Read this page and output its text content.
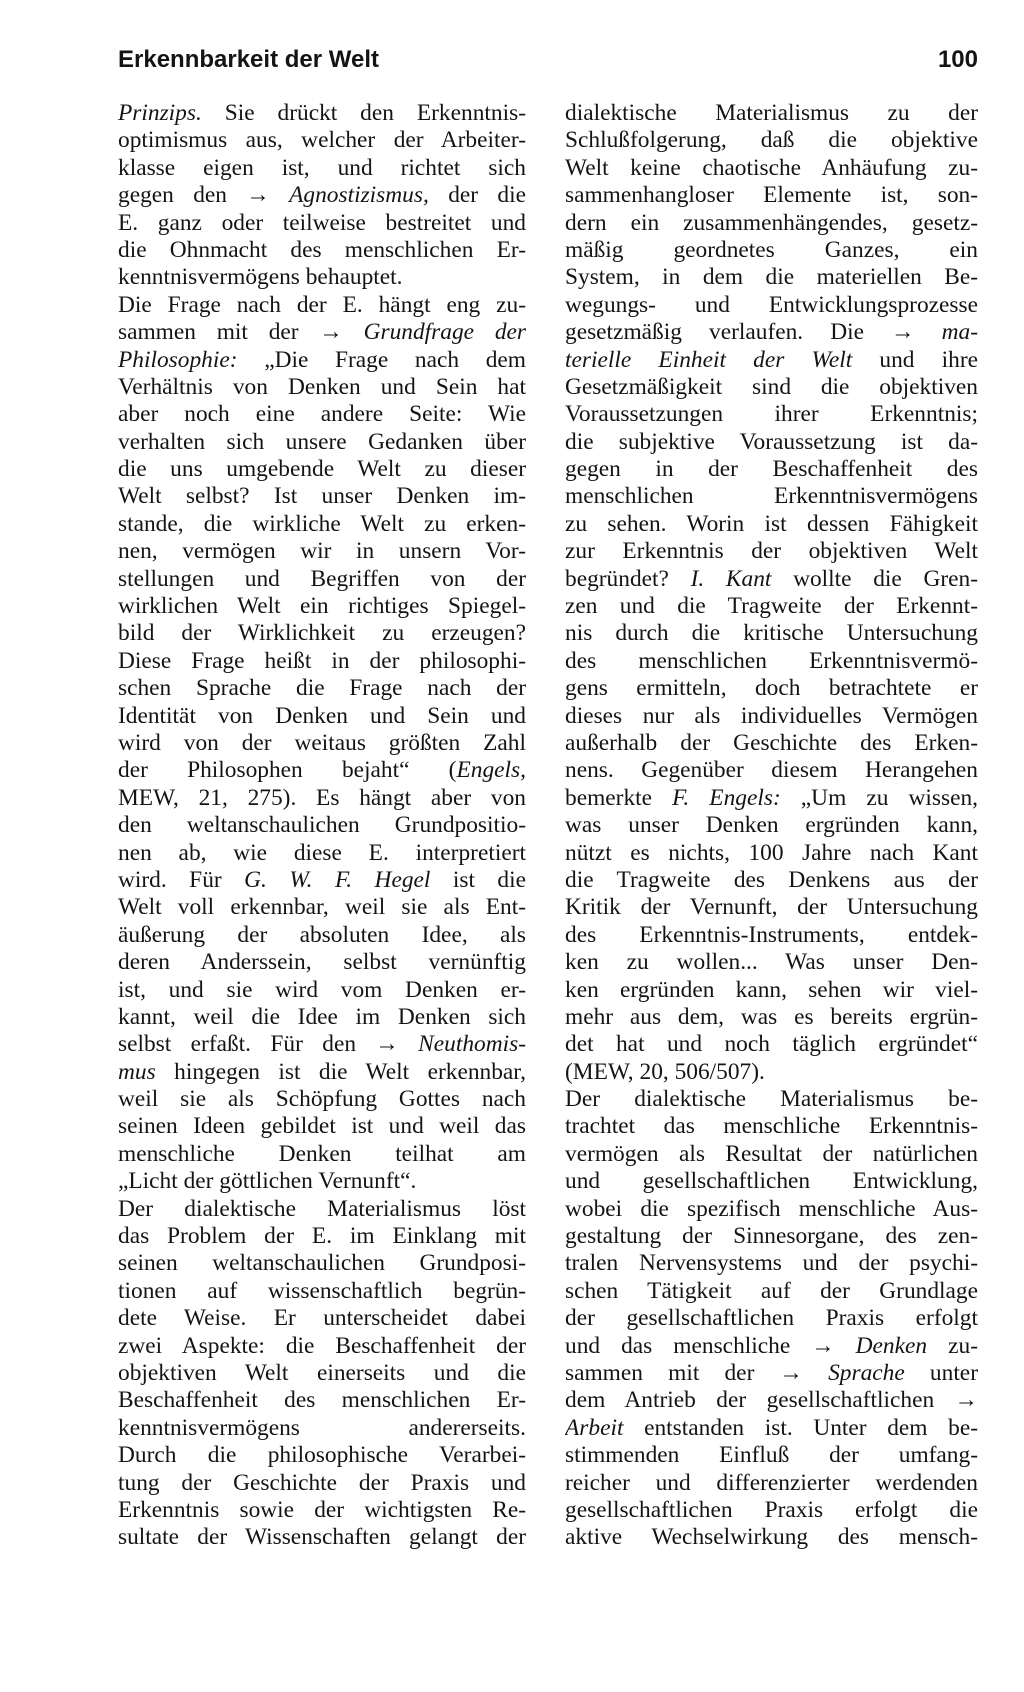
Erkennbarkeit der Welt	100
Prinzips. Sie drückt den Erkenntnis-
optimismus aus, welcher der Arbeiter-
klasse eigen ist, und richtet sich
gegen den → Agnostizismus, der die
E. ganz oder teilweise bestreitet und
die Ohnmacht des menschlichen Er-
kenntnisvermögens behauptet.
Die Frage nach der E. hängt eng zu-
sammen mit der → Grundfrage der
Philosophie: „Die Frage nach dem
Verhältnis von Denken und Sein hat
aber noch eine andere Seite: Wie
verhalten sich unsere Gedanken über
die uns umgebende Welt zu dieser
Welt selbst? Ist unser Denken im-
stande, die wirkliche Welt zu erken-
nen, vermögen wir in unsern Vor-
stellungen und Begriffen von der
wirklichen Welt ein richtiges Spiegel-
bild der Wirklichkeit zu erzeugen?
Diese Frage heißt in der philosophi-
schen Sprache die Frage nach der
Identität von Denken und Sein und
wird von der weitaus größten Zahl
der Philosophen bejaht“ (Engels,
MEW, 21, 275). Es hängt aber von
den weltanschaulichen Grundpositio-
nen ab, wie diese E. interpretiert
wird. Für G. W. F. Hegel ist die
Welt voll erkennbar, weil sie als Ent-
äußerung der absoluten Idee, als
deren Anderssein, selbst vernünftig
ist, und sie wird vom Denken er-
kannt, weil die Idee im Denken sich
selbst erfaßt. Für den → Neuthomis-
mus hingegen ist die Welt erkennbar,
weil sie als Schöpfung Gottes nach
seinen Ideen gebildet ist und weil das
menschliche Denken teilhat am
„Licht der göttlichen Vernunft“.
Der dialektische Materialismus löst
das Problem der E. im Einklang mit
seinen weltanschaulichen Grundposi-
tionen auf wissenschaftlich begrün-
dete Weise. Er unterscheidet dabei
zwei Aspekte: die Beschaffenheit der
objektiven Welt einerseits und die
Beschaffenheit des menschlichen Er-
kenntnisvermögens andererseits.
Durch die philosophische Verarbei-
tung der Geschichte der Praxis und
Erkenntnis sowie der wichtigsten Re-
sultate der Wissenschaften gelangt der
dialektische Materialismus zu der
Schlußfolgerung, daß die objektive
Welt keine chaotische Anhäufung zu-
sammenhangloser Elemente ist, son-
dern ein zusammenhängendes, gesetz-
mäßig geordnetes Ganzes, ein
System, in dem die materiellen Be-
wegungs- und Entwicklungsprozesse
gesetzmäßig verlaufen. Die → ma-
terielle Einheit der Welt und ihre
Gesetzmäßigkeit sind die objektiven
Voraussetzungen ihrer Erkenntnis;
die subjektive Voraussetzung ist da-
gegen in der Beschaffenheit des
menschlichen Erkenntnisvermögens
zu sehen. Worin ist dessen Fähigkeit
zur Erkenntnis der objektiven Welt
begründet? I. Kant wollte die Gren-
zen und die Tragweite der Erkennt-
nis durch die kritische Untersuchung
des menschlichen Erkenntnisvermö-
gens ermitteln, doch betrachtete er
dieses nur als individuelles Vermögen
außerhalb der Geschichte des Erken-
nens. Gegenüber diesem Herangehen
bemerkte F. Engels: „Um zu wissen,
was unser Denken ergründen kann,
nützt es nichts, 100 Jahre nach Kant
die Tragweite des Denkens aus der
Kritik der Vernunft, der Untersuchung
des Erkenntnis-Instruments, entdek-
ken zu wollen... Was unser Den-
ken ergründen kann, sehen wir viel-
mehr aus dem, was es bereits ergrün-
det hat und noch täglich ergründet“
(MEW, 20, 506/507).
Der dialektische Materialismus be-
trachtet das menschliche Erkenntnis-
vermögen als Resultat der natürlichen
und gesellschaftlichen Entwicklung,
wobei die spezifisch menschliche Aus-
gestaltung der Sinnesorgane, des zen-
tralen Nervensystems und der psychi-
schen Tätigkeit auf der Grundlage
der gesellschaftlichen Praxis erfolgt
und das menschliche → Denken zu-
sammen mit der → Sprache unter
dem Antrieb der gesellschaftlichen →
Arbeit entstanden ist. Unter dem be-
stimmenden Einfluß der umfang-
reicher und differenzierter werdenden
gesellschaftlichen Praxis erfolgt die
aktive Wechselwirkung des mensch-
